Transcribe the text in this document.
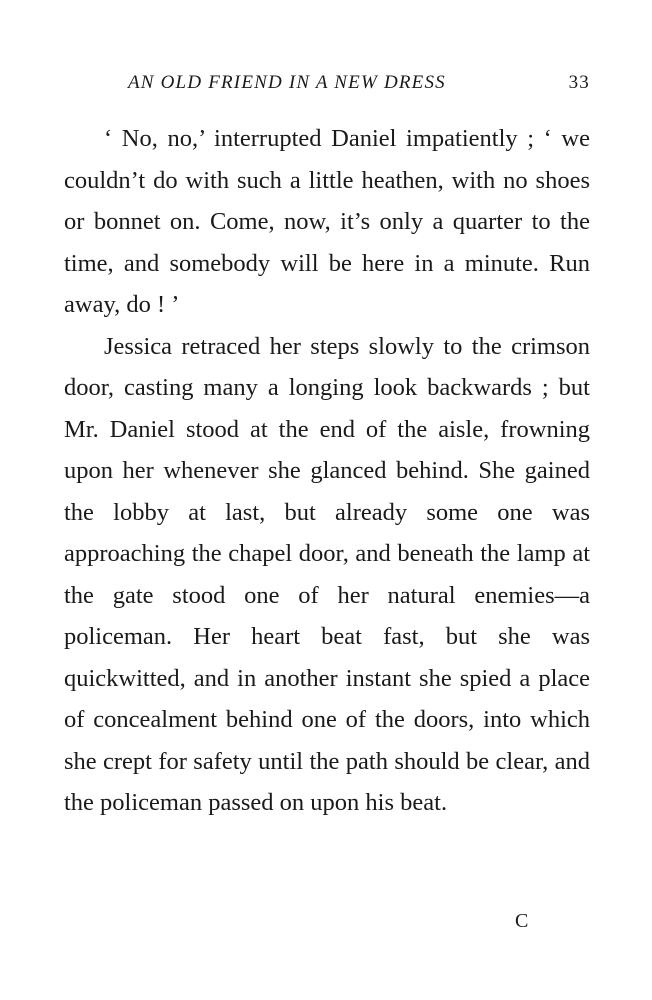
AN OLD FRIEND IN A NEW DRESS	33

‘ No, no,’ interrupted Daniel impatiently ; ‘ we couldn’t do with such a little heathen, with no shoes or bonnet on. Come, now, it’s only a quarter to the time, and somebody will be here in a minute. Run away, do ! ’

Jessica retraced her steps slowly to the crimson door, casting many a longing look backwards ; but Mr. Daniel stood at the end of the aisle, frowning upon her whenever she glanced behind. She gained the lobby at last, but already some one was approaching the chapel door, and beneath the lamp at the gate stood one of her natural enemies—a policeman. Her heart beat fast, but she was quickwitted, and in another instant she spied a place of concealment behind one of the doors, into which she crept for safety until the path should be clear, and the policeman passed on upon his beat.

C
